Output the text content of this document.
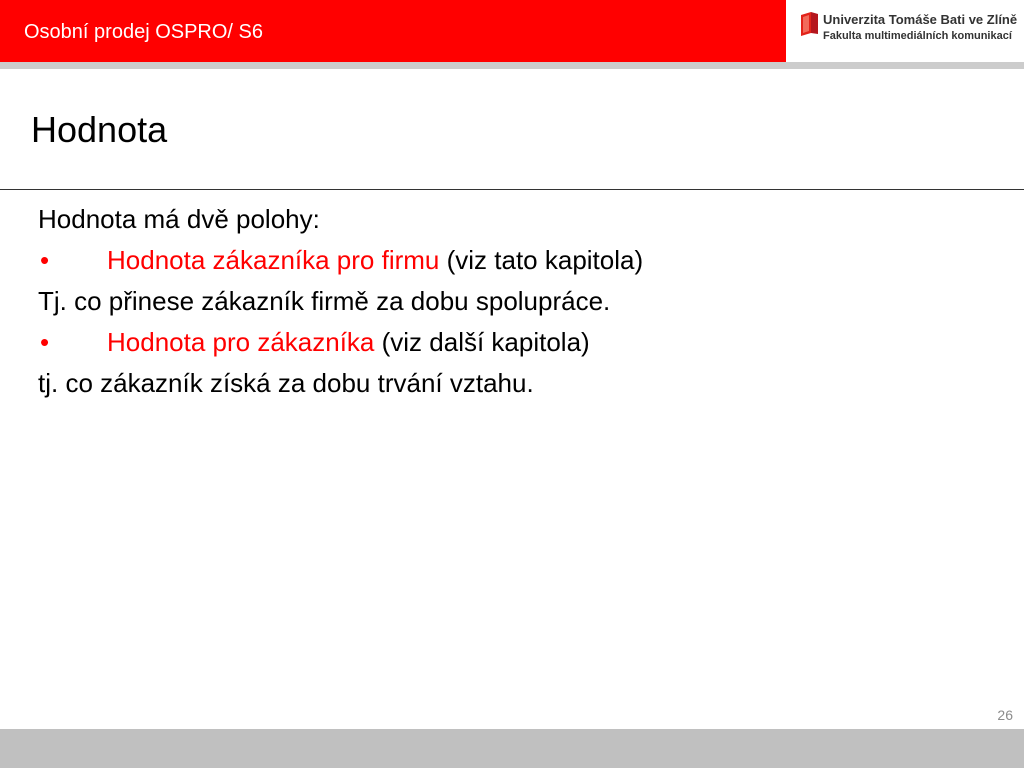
Osobní prodej OSPRO/ S6
Univerzita Tomáše Bati ve Zlíně
Fakulta multimediálních komunikací
Hodnota
Hodnota má dvě polohy:
• Hodnota zákazníka pro firmu (viz tato kapitola)
Tj. co přinese zákazník firmě za dobu spolupráce.
• Hodnota pro zákazníka (viz další kapitola)
tj. co zákazník získá za dobu trvání vztahu.
26
